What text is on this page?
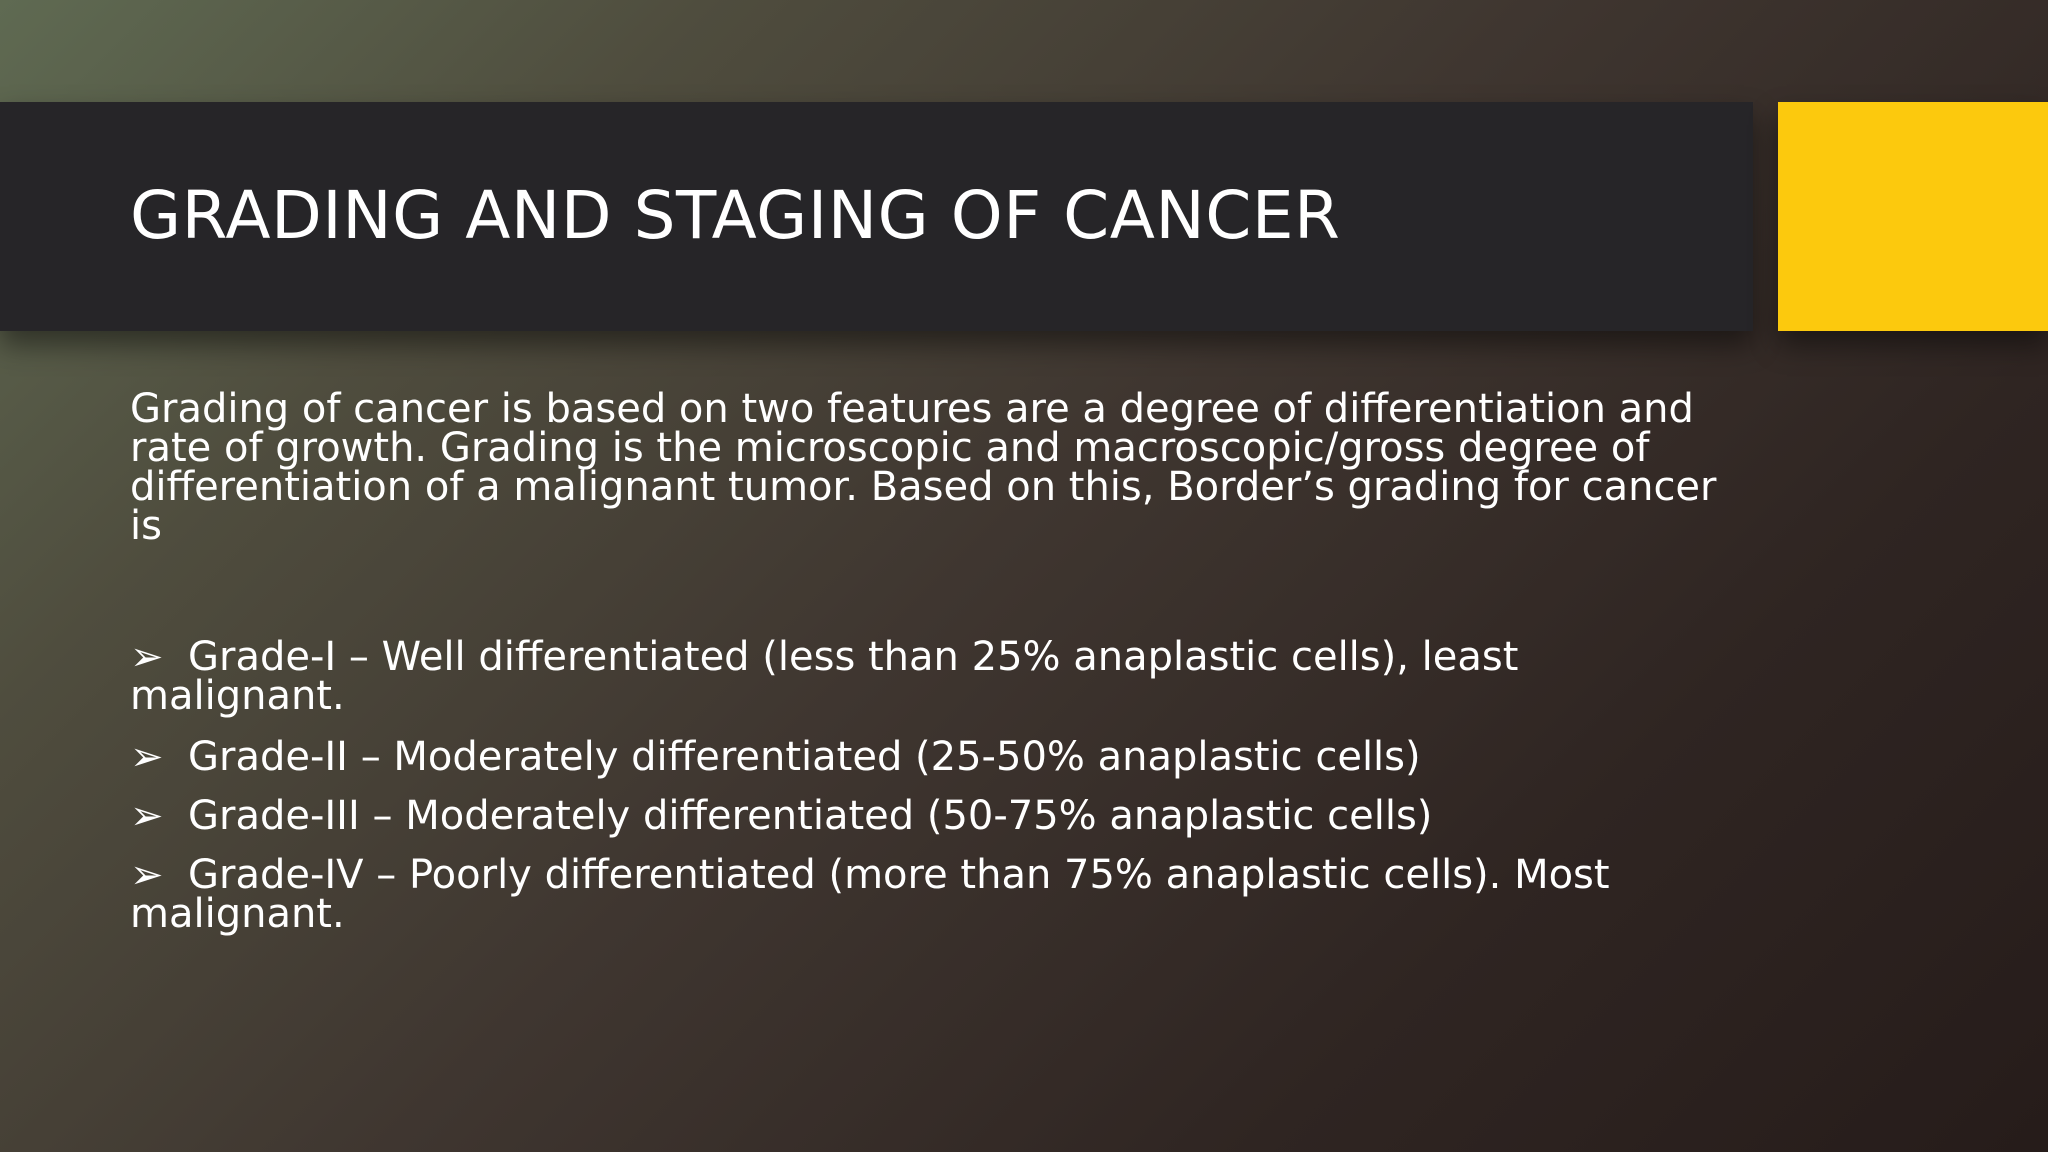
GRADING AND STAGING OF CANCER

Grading of cancer is based on two features are a degree of differentiation and rate of growth. Grading is the microscopic and macroscopic/gross degree of differentiation of a malignant tumor. Based on this, Border’s grading for cancer is

➢ Grade-I – Well differentiated (less than 25% anaplastic cells), least malignant.
➢ Grade-II – Moderately differentiated (25-50% anaplastic cells)
➢ Grade-III – Moderately differentiated (50-75% anaplastic cells)
➢ Grade-IV – Poorly differentiated (more than 75% anaplastic cells). Most malignant.
